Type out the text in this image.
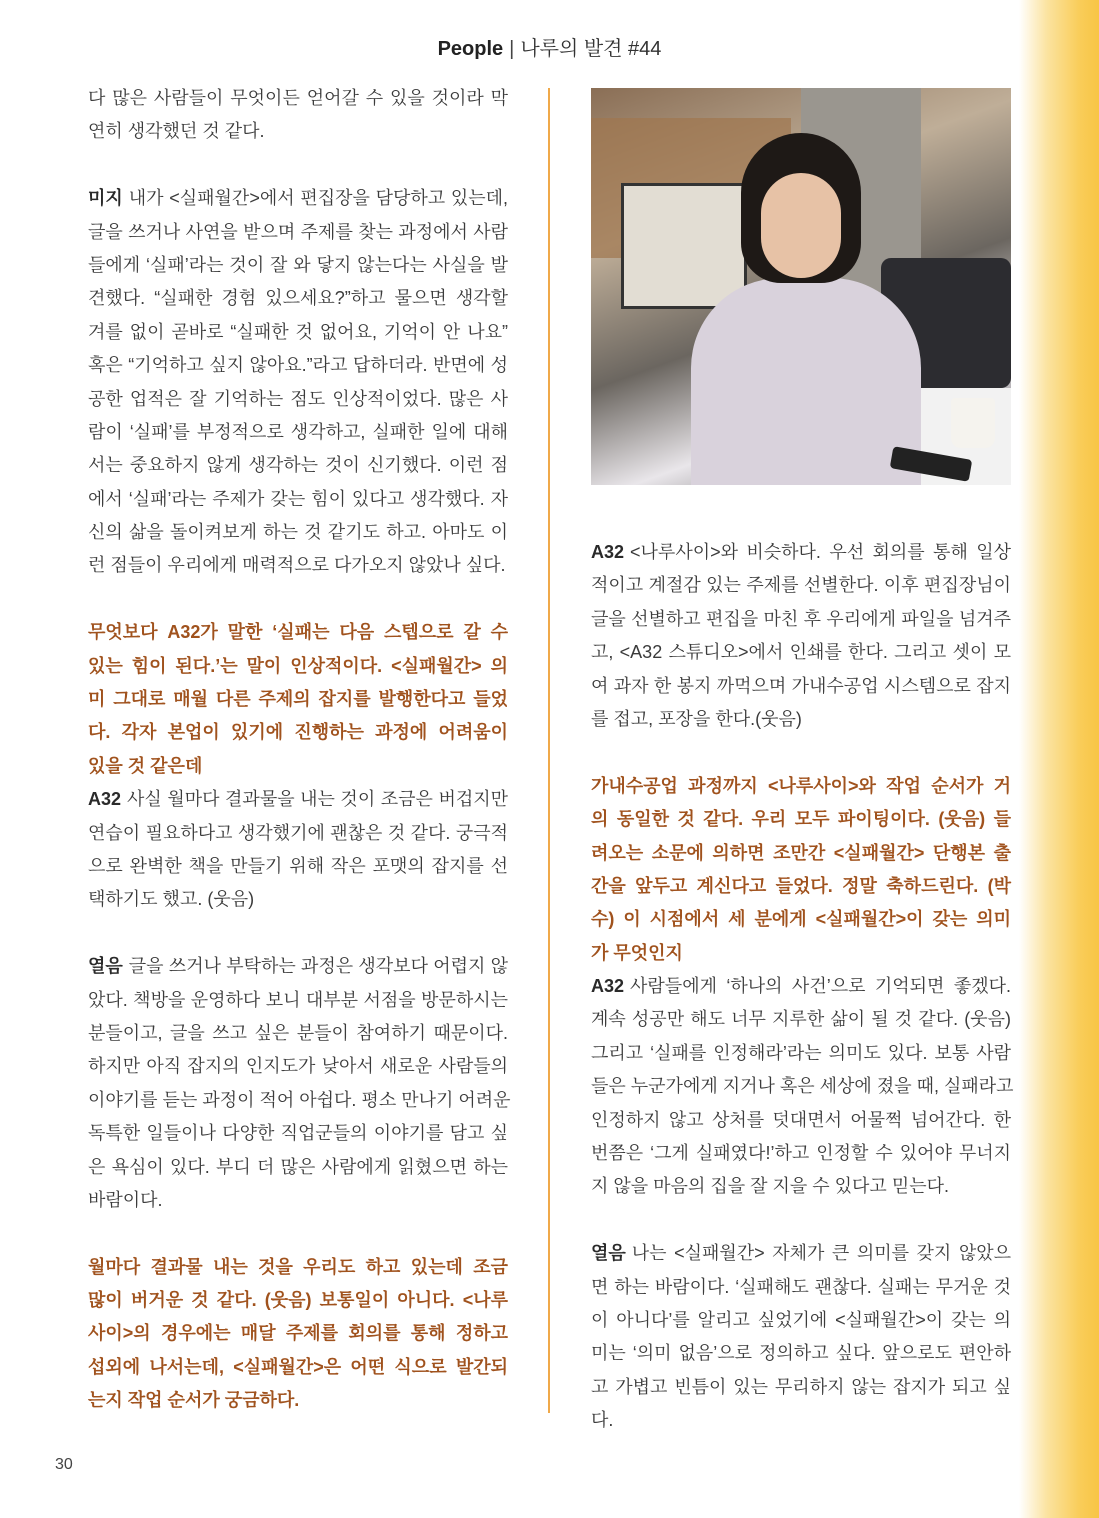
People | 나루의 발견 #44
다 많은 사람들이 무엇이든 얻어갈 수 있을 것이라 막
연히 생각했던 것 같다.
미지 내가 <실패월간>에서 편집장을 담당하고 있는데,
글을 쓰거나 사연을 받으며 주제를 찾는 과정에서 사람
들에게 ‘실패’라는 것이 잘 와 닿지 않는다는 사실을 발
견했다. “실패한 경험 있으세요?”하고 물으면 생각할
겨를 없이 곧바로 “실패한 것 없어요, 기억이 안 나요”
혹은 “기억하고 싶지 않아요.”라고 답하더라. 반면에 성
공한 업적은 잘 기억하는 점도 인상적이었다. 많은 사
람이 ‘실패’를 부정적으로 생각하고, 실패한 일에 대해
서는 중요하지 않게 생각하는 것이 신기했다. 이런 점
에서 ‘실패’라는 주제가 갖는 힘이 있다고 생각했다. 자
신의 삶을 돌이켜보게 하는 것 같기도 하고. 아마도 이
런 점들이 우리에게 매력적으로 다가오지 않았나 싶다.
무엇보다 A32가 말한 ‘실패는 다음 스텝으로 갈 수
있는 힘이 된다.’는 말이 인상적이다. <실패월간> 의
미 그대로 매월 다른 주제의 잡지를 발행한다고 들었
다. 각자 본업이 있기에 진행하는 과정에 어려움이
있을 것 같은데
A32 사실 월마다 결과물을 내는 것이 조금은 버겁지만
연습이 필요하다고 생각했기에 괜찮은 것 같다. 궁극적
으로 완벽한 책을 만들기 위해 작은 포맷의 잡지를 선
택하기도 했고. (웃음)
열음 글을 쓰거나 부탁하는 과정은 생각보다 어렵지 않
았다. 책방을 운영하다 보니 대부분 서점을 방문하시는
분들이고, 글을 쓰고 싶은 분들이 참여하기 때문이다.
하지만 아직 잡지의 인지도가 낮아서 새로운 사람들의
이야기를 듣는 과정이 적어 아쉽다. 평소 만나기 어려운
독특한 일들이나 다양한 직업군들의 이야기를 담고 싶
은 욕심이 있다. 부디 더 많은 사람에게 읽혔으면 하는
바람이다.
월마다 결과물 내는 것을 우리도 하고 있는데 조금
많이 버거운 것 같다. (웃음) 보통일이 아니다. <나루
사이>의 경우에는 매달 주제를 회의를 통해 정하고
섭외에 나서는데, <실패월간>은 어떤 식으로 발간되
는지 작업 순서가 궁금하다.
A32 <나루사이>와 비슷하다. 우선 회의를 통해 일상
적이고 계절감 있는 주제를 선별한다. 이후 편집장님이
글을 선별하고 편집을 마친 후 우리에게 파일을 넘겨주
고, <A32 스튜디오>에서 인쇄를 한다. 그리고 셋이 모
여 과자 한 봉지 까먹으며 가내수공업 시스템으로 잡지
를 접고, 포장을 한다.(웃음)
가내수공업 과정까지 <나루사이>와 작업 순서가 거
의 동일한 것 같다. 우리 모두 파이팅이다. (웃음) 들
려오는 소문에 의하면 조만간 <실패월간> 단행본 출
간을 앞두고 계신다고 들었다. 정말 축하드린다. (박
수) 이 시점에서 세 분에게 <실패월간>이 갖는 의미
가 무엇인지
A32 사람들에게 ‘하나의 사건’으로 기억되면 좋겠다.
계속 성공만 해도 너무 지루한 삶이 될 것 같다. (웃음)
그리고 ‘실패를 인정해라’라는 의미도 있다. 보통 사람
들은 누군가에게 지거나 혹은 세상에 졌을 때, 실패라고
인정하지 않고 상처를 덧대면서 어물쩍 넘어간다. 한
번쯤은 ‘그게 실패였다!’하고 인정할 수 있어야 무너지
지 않을 마음의 집을 잘 지을 수 있다고 믿는다.
열음 나는 <실패월간> 자체가 큰 의미를 갖지 않았으
면 하는 바람이다. ‘실패해도 괜찮다. 실패는 무거운 것
이 아니다’를 알리고 싶었기에 <실패월간>이 갖는 의
미는 ‘의미 없음’으로 정의하고 싶다. 앞으로도 편안하
고 가볍고 빈틈이 있는 무리하지 않는 잡지가 되고 싶
다.
30
